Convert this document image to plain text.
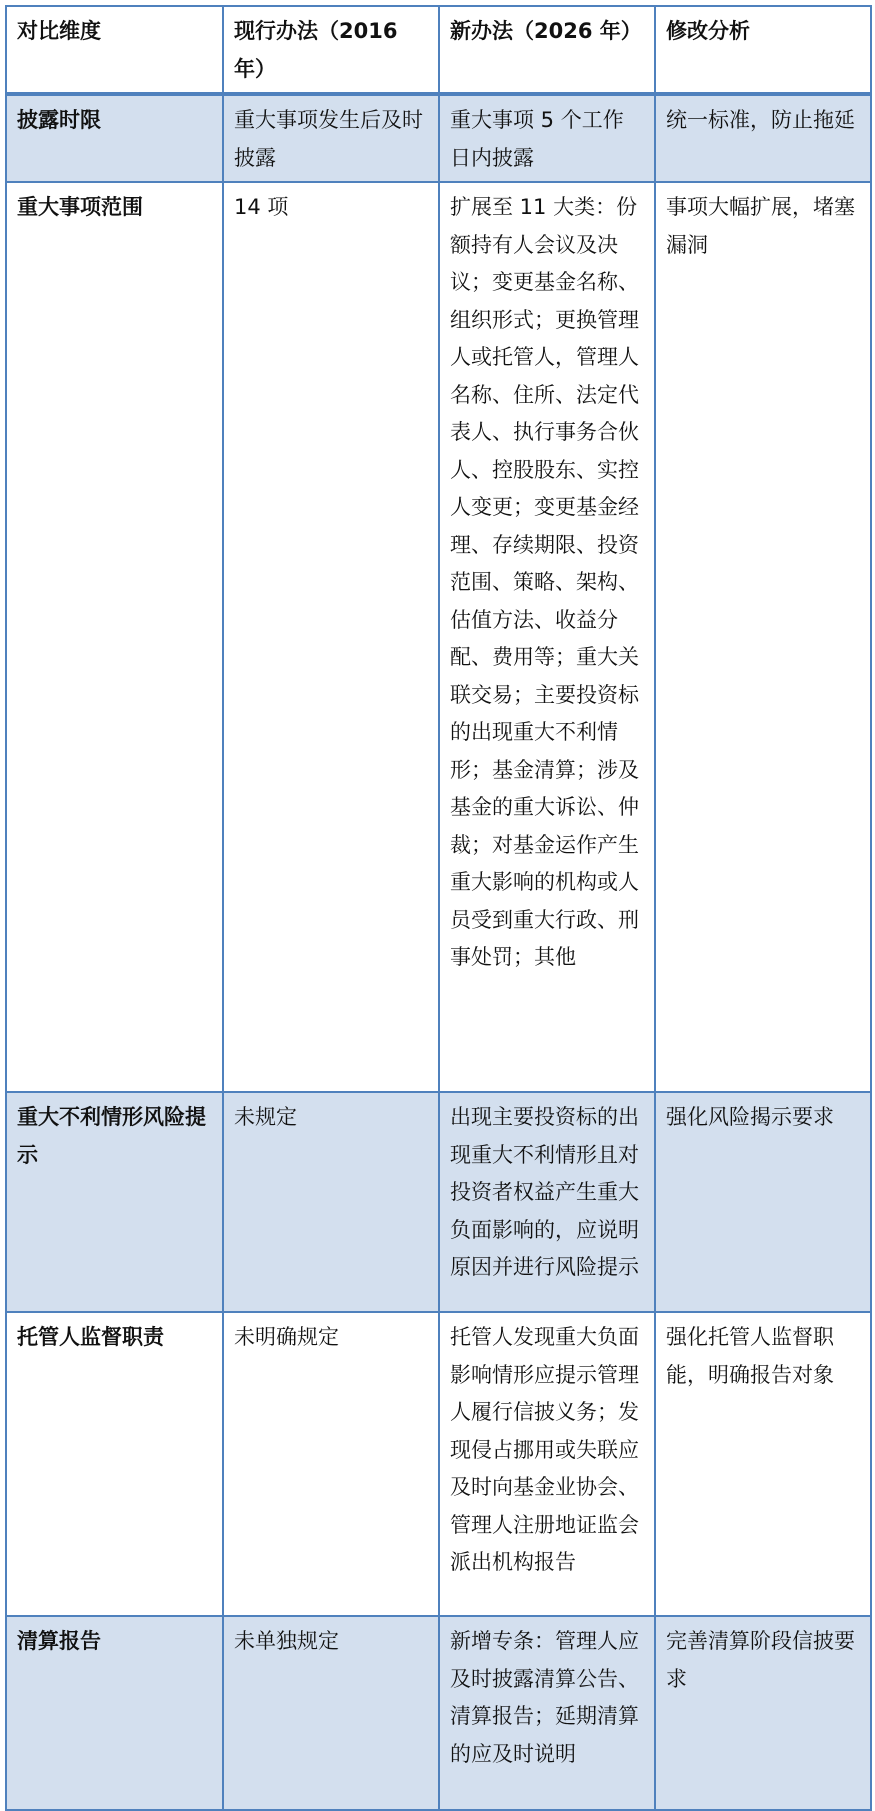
对比维度	现行办法（2016年）	新办法（2026 年）	修改分析
披露时限	重大事项发生后及时披露	重大事项 5 个工作日内披露	统一标准，防止拖延
重大事项范围	14 项	扩展至 11 大类：份额持有人会议及决议；变更基金名称、组织形式；更换管理人或托管人，管理人名称、住所、法定代表人、执行事务合伙人、控股股东、实控人变更；变更基金经理、存续期限、投资范围、策略、架构、估值方法、收益分配、费用等；重大关联交易；主要投资标的出现重大不利情形；基金清算；涉及基金的重大诉讼、仲裁；对基金运作产生重大影响的机构或人员受到重大行政、刑事处罚；其他	事项大幅扩展，堵塞漏洞
重大不利情形风险提示	未规定	出现主要投资标的出现重大不利情形且对投资者权益产生重大负面影响的，应说明原因并进行风险提示	强化风险揭示要求
托管人监督职责	未明确规定	托管人发现重大负面影响情形应提示管理人履行信披义务；发现侵占挪用或失联应及时向基金业协会、管理人注册地证监会派出机构报告	强化托管人监督职能，明确报告对象
清算报告	未单独规定	新增专条：管理人应及时披露清算公告、清算报告；延期清算的应及时说明	完善清算阶段信披要求
